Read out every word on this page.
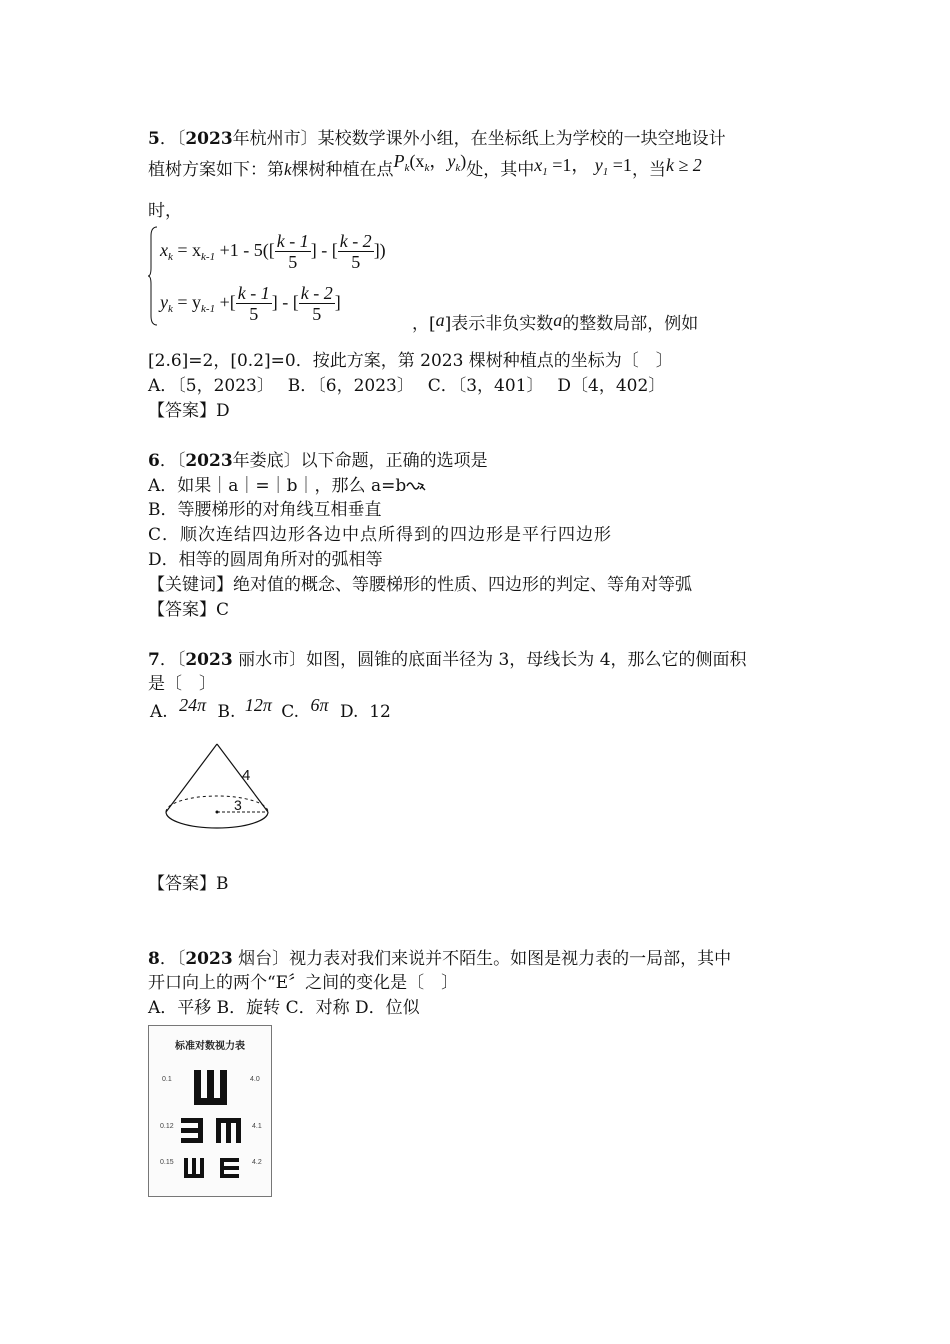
5．〔2023年杭州市〕某校数学课外小组，在坐标纸上为学校的一块空地设计
植树方案如下：第k棵树种植在点$P_k(x_k$，$y_k$)处，其中$x_1 =1$， $y_1 =1$，当k ≥ 2
时，
$x_k = x_{k-1} +1 - 5([ \frac{k - 1}{5}$ ] - [ $\frac{k - 2}{5}$ ])
$y_k = y_{k-1}$ +[ $\frac{k - 1}{5}$ ] - [ $\frac{k - 2}{5}$ ]
，[a]表示非负实数a的整数局部，例如
[2.6]=2，[0.2]=0．按此方案，第 2023 棵树种植点的坐标为〔　〕
A．〔5，2023〕　 B．〔6，2023〕　 C．〔3，401〕　 D〔4，402〕
【答案】D
6．〔2023年娄底〕以下命题，正确的选项是
A．如果｜a｜=｜b｜，那么 a=b
B．等腰梯形的对角线互相垂直
C．顺次连结四边形各边中点所得到的四边形是平行四边形
D．相等的圆周角所对的弧相等
【关键词】绝对值的概念、等腰梯形的性质、四边形的判定、等角对等弧
【答案】C
7．〔2023 丽水市〕如图，圆锥的底面半径为 3，母线长为 4，那么它的侧面积
是〔　〕
A. 24π B. 12π C. 6π D. 12
4
3
【答案】B
8．〔2023 烟台〕视力表对我们来说并不陌生。如图是视力表的一局部，其中
开口向上的两个“E〞之间的变化是〔　〕
A．平移 B．旋转 C．对称 D．位似
标准对数视力表
0.1
0.12
0.15
4.0
4.1
4.2
